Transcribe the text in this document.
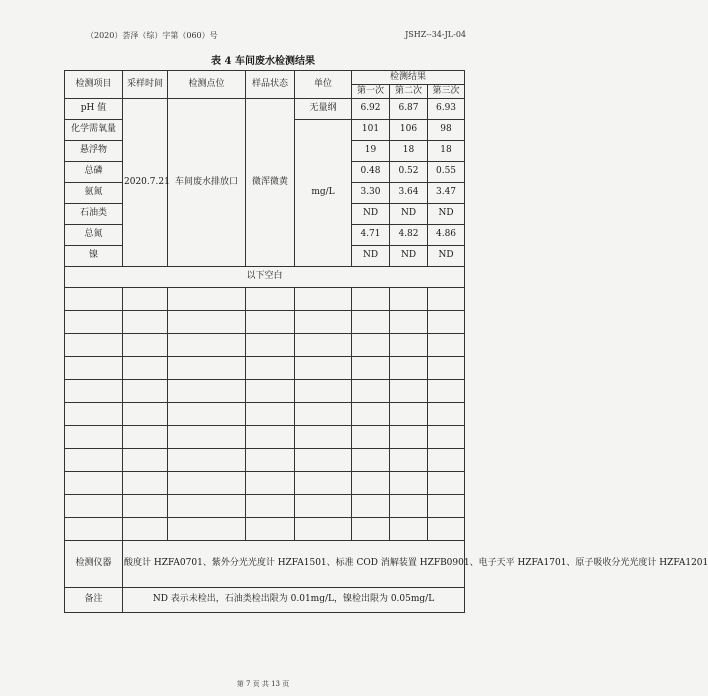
（2020）荟泽（综）字第（060）号	JSHZ--34-JL-04
表 4 车间废水检测结果
检测项目	采样时间	检测点位	样品状态	单位	检测结果		
					第一次	第二次	第三次
pH 值	2020.7.21	车间废水排放口	微浑微黄	无量纲	6.92	6.87	6.93
化学需氧量				mg/L	101	106	98
悬浮物					19	18	18
总磷					0.48	0.52	0.55
氨氮					3.30	3.64	3.47
石油类					ND	ND	ND
总氮					4.71	4.82	4.86
镍					ND	ND	ND
以下空白							

检测仪器	酸度计 HZFA0701、紫外分光光度计 HZFA1501、标准 COD 消解装置 HZFB0901、电子天平 HZFA1701、原子吸收分光光度计 HZFA1201						
备注	ND 表示未检出，石油类检出限为 0.01mg/L，镍检出限为 0.05mg/L						
第 7 页 共 13 页
